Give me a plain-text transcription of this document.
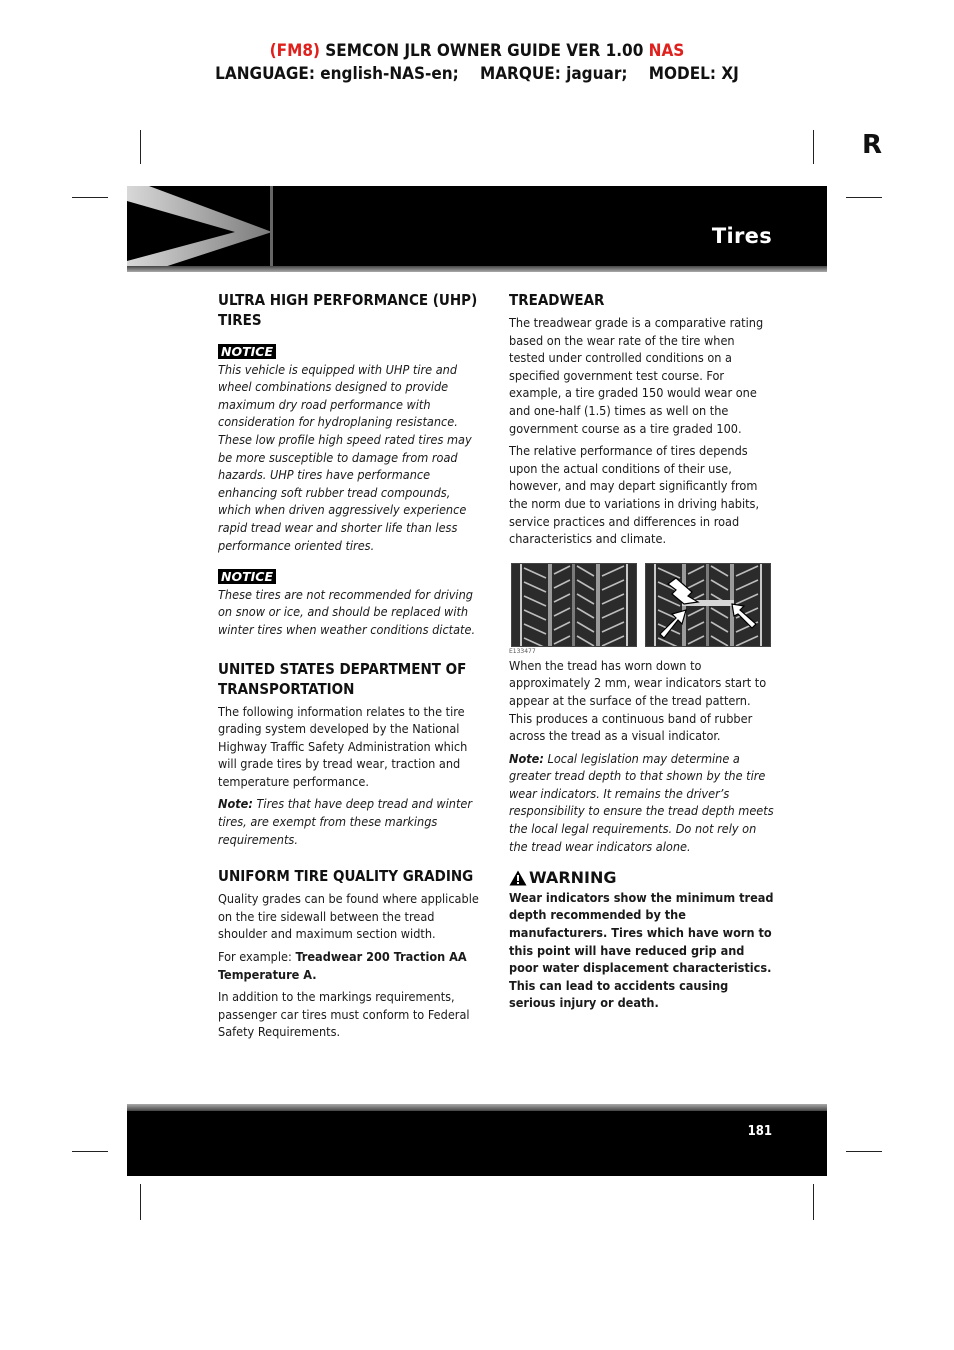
(FM8) SEMCON JLR OWNER GUIDE VER 1.00 NAS
LANGUAGE: english-NAS-en;    MARQUE: jaguar;    MODEL: XJ
R
Tires
ULTRA HIGH PERFORMANCE (UHP) TIRES
NOTICE

This vehicle is equipped with UHP tire and wheel combinations designed to provide maximum dry road performance with consideration for hydroplaning resistance. These low profile high speed rated tires may be more susceptible to damage from road hazards. UHP tires have performance enhancing soft rubber tread compounds, which when driven aggressively experience rapid tread wear and shorter life than less performance oriented tires.

NOTICE

These tires are not recommended for driving on snow or ice, and should be replaced with winter tires when weather conditions dictate.

UNITED STATES DEPARTMENT OF TRANSPORTATION

The following information relates to the tire grading system developed by the National Highway Traffic Safety Administration which will grade tires by tread wear, traction and temperature performance.

Note: Tires that have deep tread and winter tires, are exempt from these markings requirements.

UNIFORM TIRE QUALITY GRADING

Quality grades can be found where applicable on the tire sidewall between the tread shoulder and maximum section width.

For example: Treadwear 200 Traction AA Temperature A.

In addition to the markings requirements, passenger car tires must conform to Federal Safety Requirements.

TREADWEAR

The treadwear grade is a comparative rating based on the wear rate of the tire when tested under controlled conditions on a specified government test course. For example, a tire graded 150 would wear one and one-half (1.5) times as well on the government course as a tire graded 100.

The relative performance of tires depends upon the actual conditions of their use, however, and may depart significantly from the norm due to variations in driving habits, service practices and differences in road characteristics and climate.

E133477

When the tread has worn down to approximately 2 mm, wear indicators start to appear at the surface of the tread pattern. This produces a continuous band of rubber across the tread as a visual indicator.

Note: Local legislation may determine a greater tread depth to that shown by the tire wear indicators. It remains the driver’s responsibility to ensure the tread depth meets the local legal requirements. Do not rely on the tread wear indicators alone.

WARNING

Wear indicators show the minimum tread depth recommended by the manufacturers. Tires which have worn to this point will have reduced grip and poor water displacement characteristics. This can lead to accidents causing serious injury or death.

181
